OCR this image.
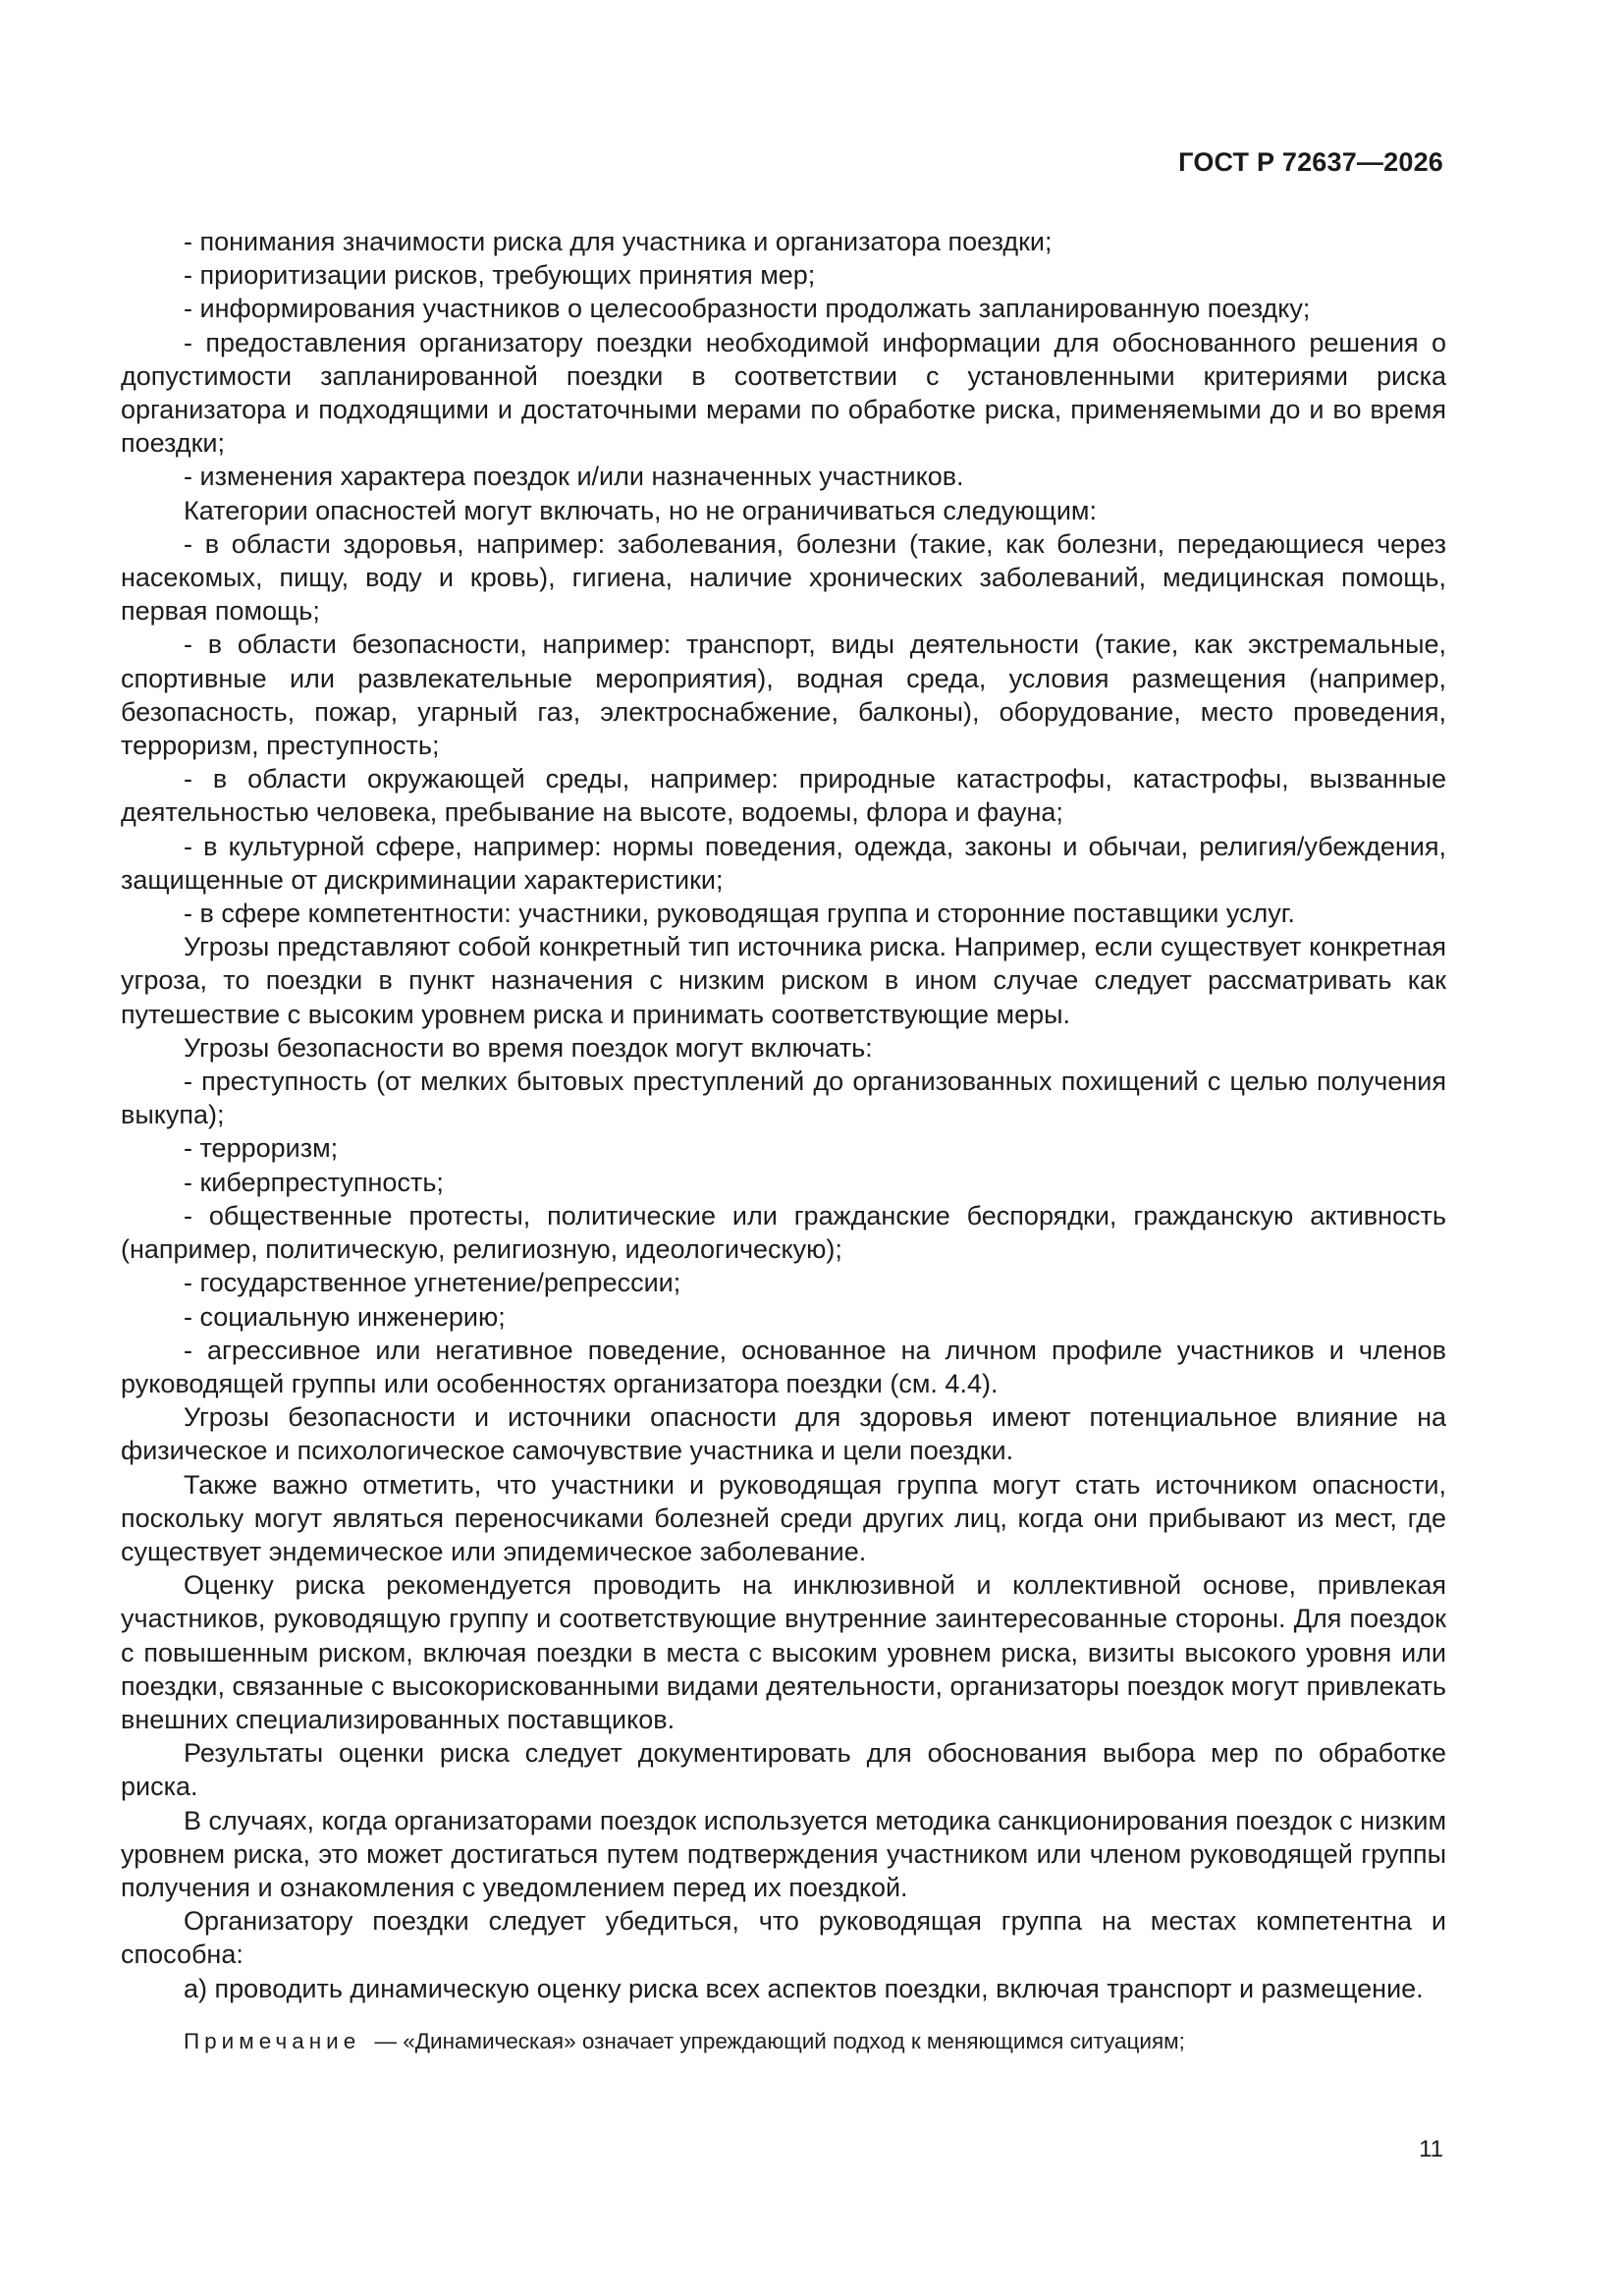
ГОСТ Р 72637—2026

- понимания значимости риска для участника и организатора поездки;

- приоритизации рисков, требующих принятия мер;

- информирования участников о целесообразности продолжать запланированную поездку;

- предоставления организатору поездки необходимой информации для обоснованного решения о допустимости запланированной поездки в соответствии с установленными критериями риска организатора и подходящими и достаточными мерами по обработке риска, применяемыми до и во время поездки;

- изменения характера поездок и/или назначенных участников.

Категории опасностей могут включать, но не ограничиваться следующим:

- в области здоровья, например: заболевания, болезни (такие, как болезни, передающиеся через насекомых, пищу, воду и кровь), гигиена, наличие хронических заболеваний, медицинская помощь, первая помощь;

- в области безопасности, например: транспорт, виды деятельности (такие, как экстремальные, спортивные или развлекательные мероприятия), водная среда, условия размещения (например, безопасность, пожар, угарный газ, электроснабжение, балконы), оборудование, место проведения, терроризм, преступность;

- в области окружающей среды, например: природные катастрофы, катастрофы, вызванные деятельностью человека, пребывание на высоте, водоемы, флора и фауна;

- в культурной сфере, например: нормы поведения, одежда, законы и обычаи, религия/убеждения, защищенные от дискриминации характеристики;

- в сфере компетентности: участники, руководящая группа и сторонние поставщики услуг.

Угрозы представляют собой конкретный тип источника риска. Например, если существует конкретная угроза, то поездки в пункт назначения с низким риском в ином случае следует рассматривать как путешествие с высоким уровнем риска и принимать соответствующие меры.

Угрозы безопасности во время поездок могут включать:

- преступность (от мелких бытовых преступлений до организованных похищений с целью получения выкупа);

- терроризм;

- киберпреступность;

- общественные протесты, политические или гражданские беспорядки, гражданскую активность (например, политическую, религиозную, идеологическую);

- государственное угнетение/репрессии;

- социальную инженерию;

- агрессивное или негативное поведение, основанное на личном профиле участников и членов руководящей группы или особенностях организатора поездки (см. 4.4).

Угрозы безопасности и источники опасности для здоровья имеют потенциальное влияние на физическое и психологическое самочувствие участника и цели поездки.

Также важно отметить, что участники и руководящая группа могут стать источником опасности, поскольку могут являться переносчиками болезней среди других лиц, когда они прибывают из мест, где существует эндемическое или эпидемическое заболевание.

Оценку риска рекомендуется проводить на инклюзивной и коллективной основе, привлекая участников, руководящую группу и соответствующие внутренние заинтересованные стороны. Для поездок с повышенным риском, включая поездки в места с высоким уровнем риска, визиты высокого уровня или поездки, связанные с высокорискованными видами деятельности, организаторы поездок могут привлекать внешних специализированных поставщиков.

Результаты оценки риска следует документировать для обоснования выбора мер по обработке риска.

В случаях, когда организаторами поездок используется методика санкционирования поездок с низким уровнем риска, это может достигаться путем подтверждения участником или членом руководящей группы получения и ознакомления с уведомлением перед их поездкой.

Организатору поездки следует убедиться, что руководящая группа на местах компетентна и способна:

а) проводить динамическую оценку риска всех аспектов поездки, включая транспорт и размещение.

Примечание — «Динамическая» означает упреждающий подход к меняющимся ситуациям;

11
